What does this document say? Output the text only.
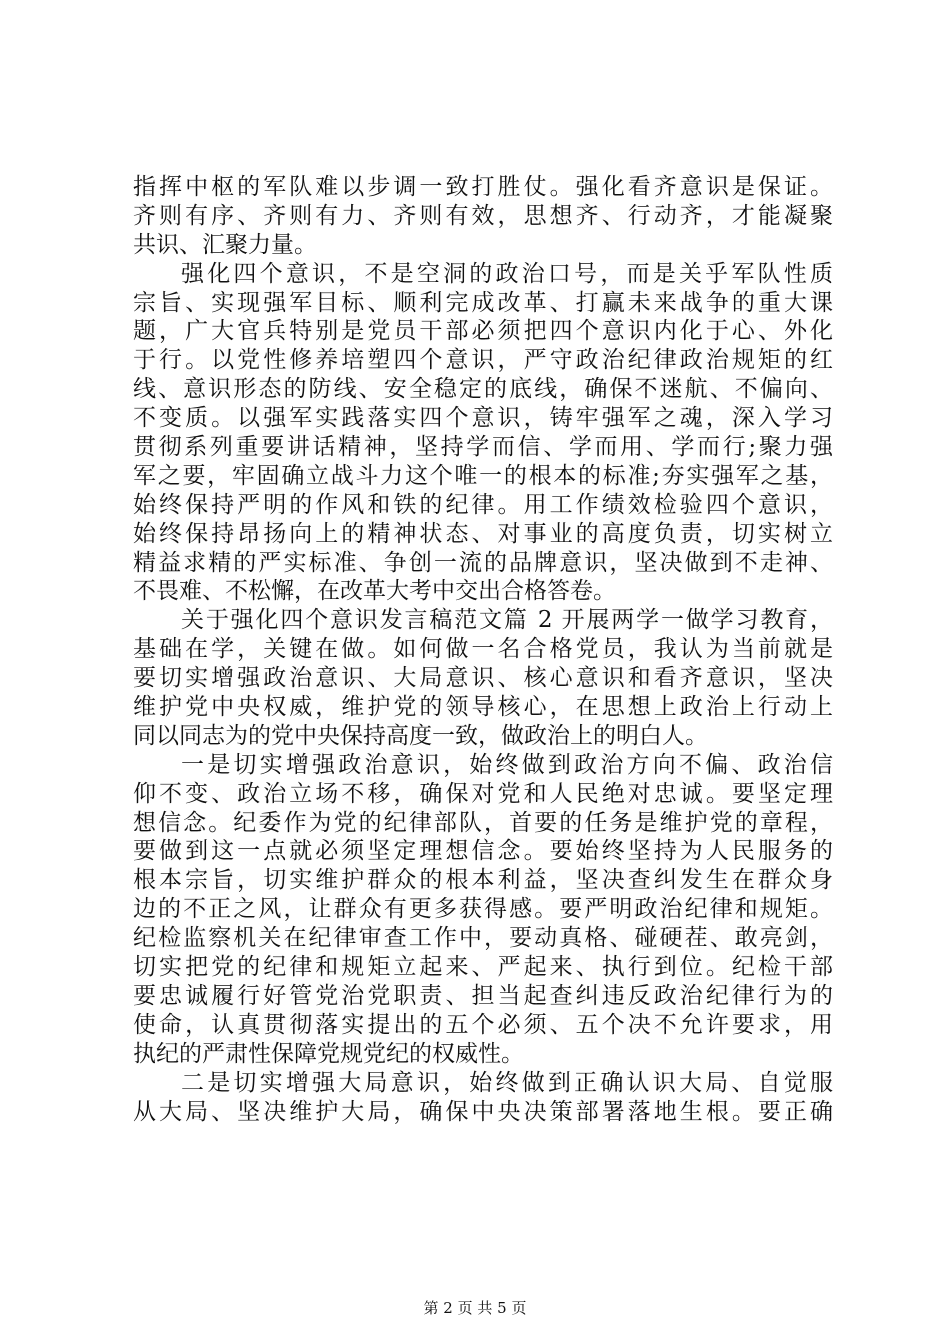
指挥中枢的军队难以步调一致打胜仗。强化看齐意识是保证。
齐则有序、齐则有力、齐则有效，思想齐、行动齐，才能凝聚
共识、汇聚力量。
强化四个意识，不是空洞的政治口号，而是关乎军队性质
宗旨、实现强军目标、顺利完成改革、打赢未来战争的重大课
题，广大官兵特别是党员干部必须把四个意识内化于心、外化
于行。以党性修养培塑四个意识，严守政治纪律政治规矩的红
线、意识形态的防线、安全稳定的底线，确保不迷航、不偏向、
不变质。以强军实践落实四个意识，铸牢强军之魂，深入学习
贯彻系列重要讲话精神，坚持学而信、学而用、学而行;聚力强
军之要，牢固确立战斗力这个唯一的根本的标准;夯实强军之基，
始终保持严明的作风和铁的纪律。用工作绩效检验四个意识，
始终保持昂扬向上的精神状态、对事业的高度负责，切实树立
精益求精的严实标准、争创一流的品牌意识，坚决做到不走神、
不畏难、不松懈，在改革大考中交出合格答卷。
关于强化四个意识发言稿范文篇 2 开展两学一做学习教育，
基础在学，关键在做。如何做一名合格党员，我认为当前就是
要切实增强政治意识、大局意识、核心意识和看齐意识，坚决
维护党中央权威，维护党的领导核心，在思想上政治上行动上
同以同志为的党中央保持高度一致，做政治上的明白人。
一是切实增强政治意识，始终做到政治方向不偏、政治信
仰不变、政治立场不移，确保对党和人民绝对忠诚。要坚定理
想信念。纪委作为党的纪律部队，首要的任务是维护党的章程，
要做到这一点就必须坚定理想信念。要始终坚持为人民服务的
根本宗旨，切实维护群众的根本利益，坚决查纠发生在群众身
边的不正之风，让群众有更多获得感。要严明政治纪律和规矩。
纪检监察机关在纪律审查工作中，要动真格、碰硬茬、敢亮剑，
切实把党的纪律和规矩立起来、严起来、执行到位。纪检干部
要忠诚履行好管党治党职责、担当起查纠违反政治纪律行为的
使命，认真贯彻落实提出的五个必须、五个决不允许要求，用
执纪的严肃性保障党规党纪的权威性。
二是切实增强大局意识，始终做到正确认识大局、自觉服
从大局、坚决维护大局，确保中央决策部署落地生根。要正确
第 2 页 共 5 页
